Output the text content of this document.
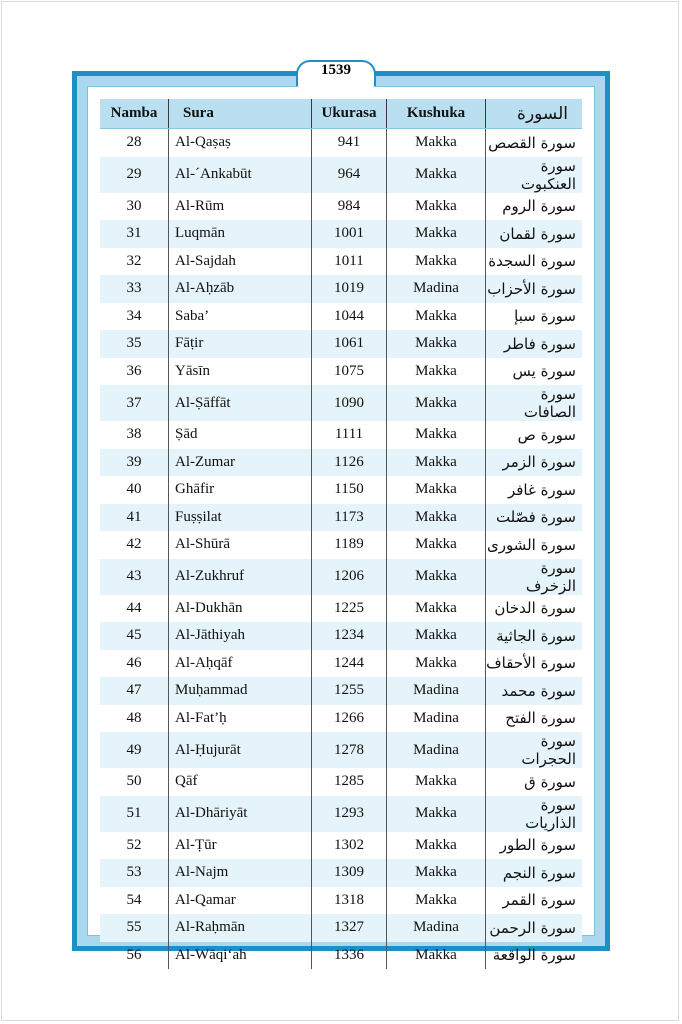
1539
Namba	Sura	Ukurasa	Kushuka	السورة
28	Al-Qaṣaṣ	941	Makka	سورة القصص
29	Al-´Ankabūt	964	Makka	سورة العنكبوت
30	Al-Rūm	984	Makka	سورة الروم
31	Luqmān	1001	Makka	سورة لقمان
32	Al-Sajdah	1011	Makka	سورة السجدة
33	Al-Aḥzāb	1019	Madina	سورة الأحزاب
34	Saba’	1044	Makka	سورة سبإ
35	Fāṭir	1061	Makka	سورة فاطر
36	Yāsīn	1075	Makka	سورة يس
37	Al-Ṣāffāt	1090	Makka	سورة الصافات
38	Ṣād	1111	Makka	سورة ص
39	Al-Zumar	1126	Makka	سورة الزمر
40	Ghāfir	1150	Makka	سورة غافر
41	Fuṣṣilat	1173	Makka	سورة فصّلت
42	Al-Shūrā	1189	Makka	سورة الشورى
43	Al-Zukhruf	1206	Makka	سورة الزخرف
44	Al-Dukhān	1225	Makka	سورة الدخان
45	Al-Jāthiyah	1234	Makka	سورة الجاثية
46	Al-Aḥqāf	1244	Makka	سورة الأحقاف
47	Muḥammad	1255	Madina	سورة محمد
48	Al-Fat’ḥ	1266	Madina	سورة الفتح
49	Al-Ḥujurāt	1278	Madina	سورة الحجرات
50	Qāf	1285	Makka	سورة ق
51	Al-Dhāriyāt	1293	Makka	سورة الذاريات
52	Al-Ṭūr	1302	Makka	سورة الطور
53	Al-Najm	1309	Makka	سورة النجم
54	Al-Qamar	1318	Makka	سورة القمر
55	Al-Raḥmān	1327	Madina	سورة الرحمن
56	Al-Wāqiʻah	1336	Makka	سورة الواقعة
